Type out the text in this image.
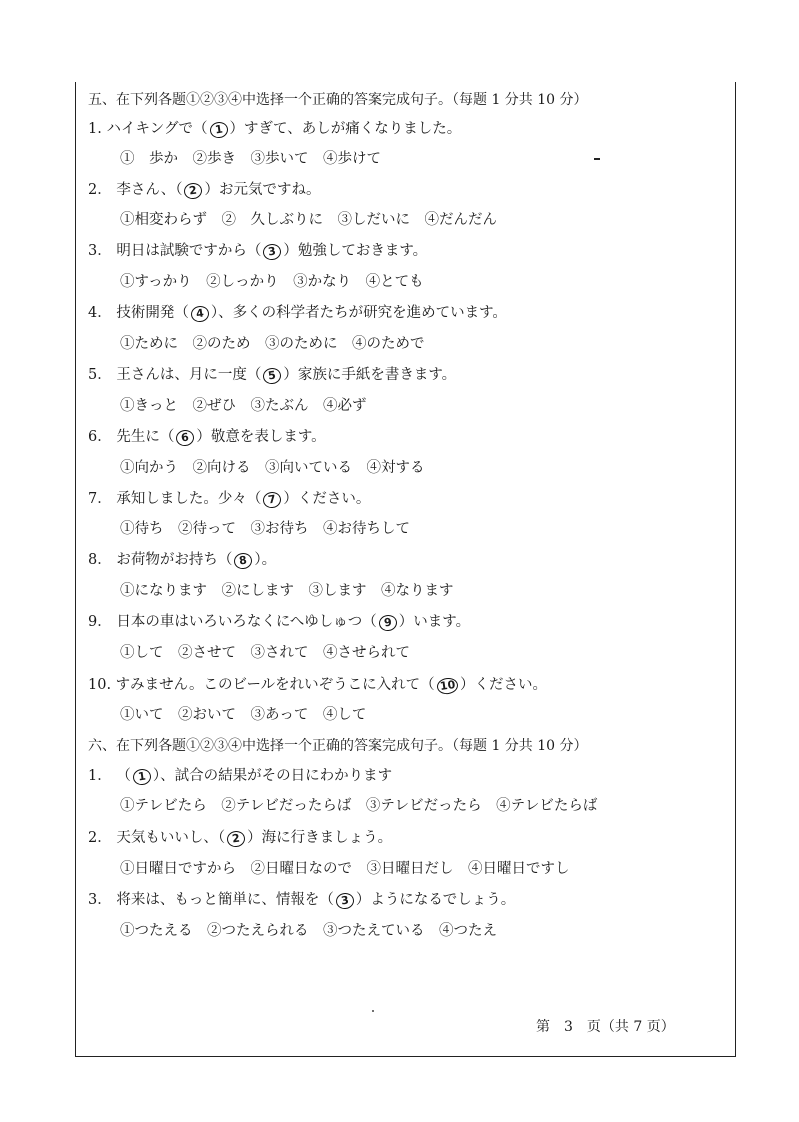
五、在下列各题①②③④中选择一个正确的答案完成句子。（每题 1 分共 10 分）
1. ハイキングで（ 1 ）すぎて、あしが痛くなりました。
①　歩か　②歩き　③歩いて　④歩けて
2． 李さん、（ 2 ）お元気ですね。
①相変わらず　②　久しぶりに　③しだいに　④だんだん
3． 明日は試験ですから（ 3 ）勉強しておきます。
①すっかり　②しっかり　③かなり　④とても
4． 技術開発（ 4 ）、多くの科学者たちが研究を進めています。
①ために　②のため　③のために　④のためで
5． 王さんは、月に一度（ 5 ）家族に手紙を書きます。
①きっと　②ぜひ　③たぶん　④必ず
6． 先生に（ 6 ）敬意を表します。
①向かう　②向ける　③向いている　④対する
7． 承知しました。少々（ 7 ）ください。
①待ち　②待って　③お待ち　④お待ちして
8． お荷物がお持ち（ 8 ）。
①になります　②にします　③します　④なります
9． 日本の車はいろいろなくにへゆしゅつ（ 9 ）います。
①して　②させて　③されて　④させられて
10. すみません。このビールをれいぞうこに入れて（ 10 ）ください。
①いて　②おいて　③あって　④して
六、在下列各题①②③④中选择一个正确的答案完成句子。（每题 1 分共 10 分）
1． （ 1 ）、試合の結果がその日にわかります
①テレビたら　②テレビだったらば　③テレビだったら　④テレビたらば
2． 天気もいいし、（ 2 ）海に行きましょう。
①日曜日ですから　②日曜日なので　③日曜日だし　④日曜日ですし
3． 将来は、もっと簡単に、情報を（ 3 ）ようになるでしょう。
①つたえる　②つたえられる　③つたえている　④つたえ
第　3　页（共 7 页）
